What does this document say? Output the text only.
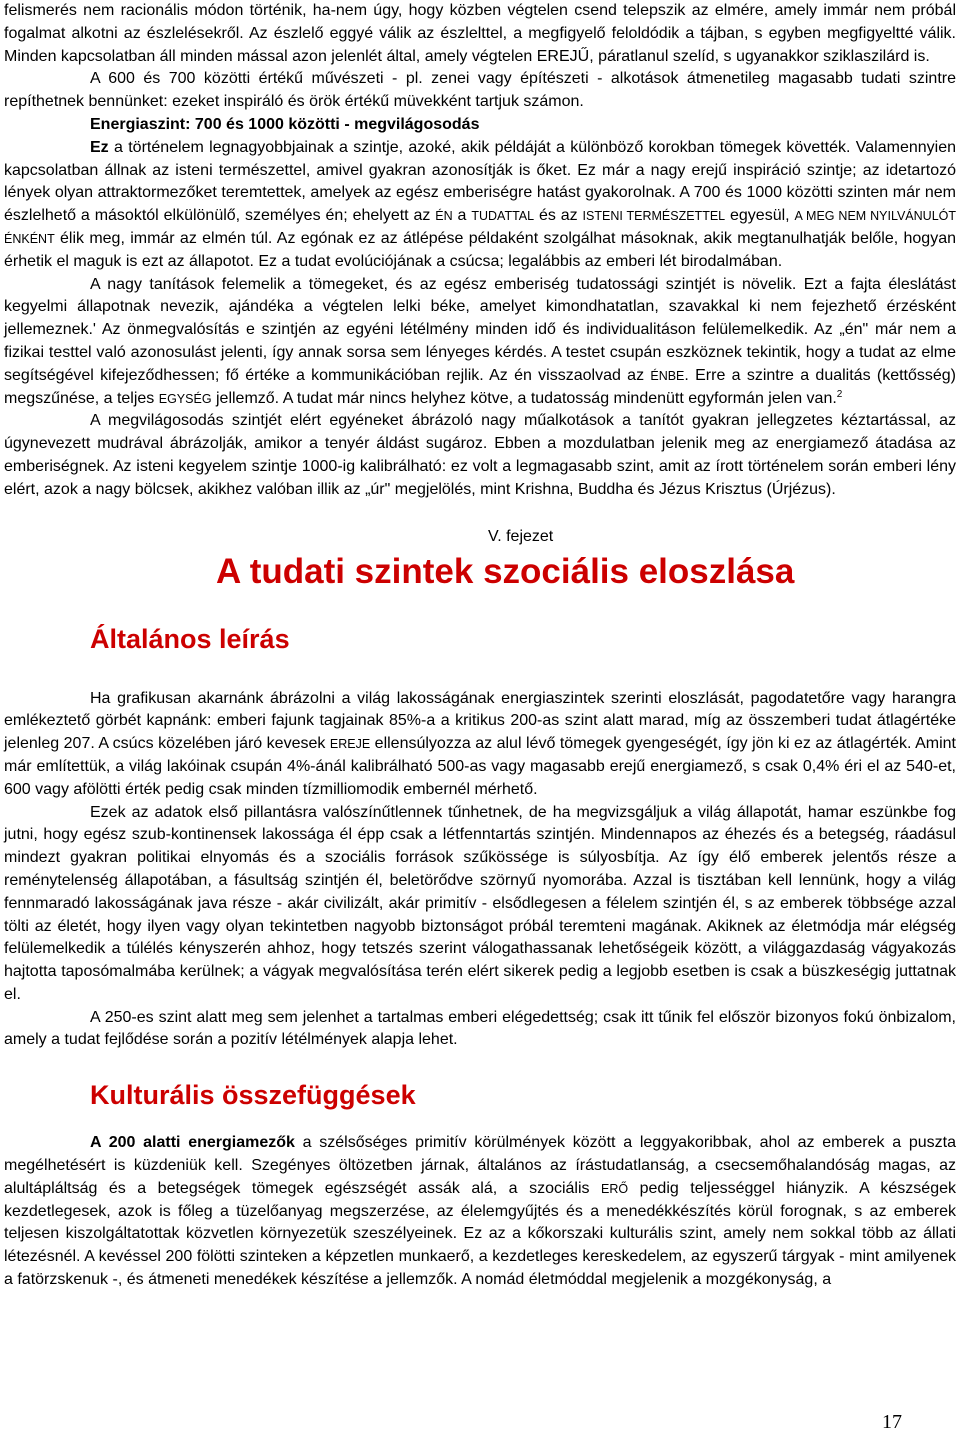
felismerés nem racionális módon történik, ha-nem úgy, hogy közben végtelen csend telepszik az elmére, amely immár nem próbál fogalmat alkotni az észlelésekről. Az észlelő eggyé válik az észlelttel, a megfigyelő feloldódik a tájban, s egyben megfigyeltté válik. Minden kapcsolatban áll minden mással azon jelenlét által, amely végtelen EREJŰ, páratlanul szelíd, s ugyanakkor sziklaszilárd is.

A 600 és 700 közötti értékű művészeti - pl. zenei vagy építészeti - alkotások átmenetileg magasabb tudati szintre repíthetnek bennünket: ezeket inspiráló és örök értékű müvekként tartjuk számon.

Energiaszint: 700 és 1000 közötti - megvilágosodás

Ez a történelem legnagyobbjainak a szintje, azoké, akik példáját a különböző korokban tömegek követték. Valamennyien kapcsolatban állnak az isteni természettel, amivel gyakran azonosítják is őket. Ez már a nagy erejű inspiráció szintje; az idetartozó lények olyan attraktormezőket teremtettek, amelyek az egész emberiségre hatást gyakorolnak. A 700 és 1000 közötti szinten már nem észlelhető a másoktól elkülönülő, személyes én; ehelyett az ÉN a TUDATTAL és az ISTENI TERMÉSZETTEL egyesül, A MEG NEM NYILVÁNULÓT ÉNKÉNT élik meg, immár az elmén túl. Az egónak ez az átlépése példaként szolgálhat másoknak, akik megtanulhatják belőle, hogyan érhetik el maguk is ezt az állapotot. Ez a tudat evolúciójának a csúcsa; legalábbis az emberi lét birodalmában.

A nagy tanítások felemelik a tömegeket, és az egész emberiség tudatossági szintjét is növelik. Ezt a fajta éleslátást kegyelmi állapotnak nevezik, ajándéka a végtelen lelki béke, amelyet kimondhatatlan, szavakkal ki nem fejezhető érzésként jellemeznek.' Az önmegvalósítás e szintjén az egyéni létélmény minden idő és individualitáson felülemelkedik. Az „én" már nem a fizikai testtel való azonosulást jelenti, így annak sorsa sem lényeges kérdés. A testet csupán eszköznek tekintik, hogy a tudat az elme segítségével kifejeződhessen; fő értéke a kommunikációban rejlik. Az én visszaolvad az ÉNBE. Erre a szintre a dualitás (kettősség) megszűnése, a teljes EGYSÉG jellemző. A tudat már nincs helyhez kötve, a tudatosság mindenütt egyformán jelen van.$^2$

A megvilágosodás szintjét elért egyéneket ábrázoló nagy műalkotások a tanítót gyakran jellegzetes kéztartással, az úgynevezett mudrával ábrázolják, amikor a tenyér áldást sugároz. Ebben a mozdulatban jelenik meg az energiamező átadása az emberiségnek. Az isteni kegyelem szintje 1000-ig kalibrálható: ez volt a legmagasabb szint, amit az írott történelem során emberi lény elért, azok a nagy bölcsek, akikhez valóban illik az „úr" megjelölés, mint Krishna, Buddha és Jézus Krisztus (Úrjézus).

V. fejezet

A tudati szintek szociális eloszlása
Általános leírás

Ha grafikusan akarnánk ábrázolni a világ lakosságának energiaszintek szerinti eloszlását, pagodatetőre vagy harangra emlékeztető görbét kapnánk: emberi fajunk tagjainak 85%-a a kritikus 200-as szint alatt marad, míg az összemberi tudat átlagértéke jelenleg 207. A csúcs közelében járó kevesek EREJE ellensúlyozza az alul lévő tömegek gyengeségét, így jön ki ez az átlagérték. Amint már említettük, a világ lakóinak csupán 4%-ánál kalibrálható 500-as vagy magasabb erejű energiamező, s csak 0,4% éri el az 540-et, 600 vagy afölötti érték pedig csak minden tízmilliomodik embernél mérhető.

Ezek az adatok első pillantásra valószínűtlennek tűnhetnek, de ha megvizsgáljuk a világ állapotát, hamar eszünkbe fog jutni, hogy egész szub-kontinensek lakossága él épp csak a létfenntartás szintjén. Mindennapos az éhezés és a betegség, ráadásul mindezt gyakran politikai elnyomás és a szociális források szűkössége is súlyosbítja. Az így élő emberek jelentős része a reménytelenség állapotában, a fásultság szintjén él, beletörődve szörnyű nyomorába. Azzal is tisztában kell lennünk, hogy a világ fennmaradó lakosságának java része - akár civilizált, akár primitív - elsődlegesen a félelem szintjén él, s az emberek többsége azzal tölti az életét, hogy ilyen vagy olyan tekintetben nagyobb biztonságot próbál teremteni magának. Akiknek az életmódja már elégség felülemelkedik a túlélés kényszerén ahhoz, hogy tetszés szerint válogathassanak lehetőségeik között, a világgazdaság vágyakozás hajtotta taposómalmába kerülnek; a vágyak megvalósítása terén elért sikerek pedig a legjobb esetben is csak a büszkeségig juttatnak el.

A 250-es szint alatt meg sem jelenhet a tartalmas emberi elégedettség; csak itt tűnik fel először bizonyos fokú önbizalom, amely a tudat fejlődése során a pozitív létélmények alapja lehet.

Kulturális összefüggések

A 200 alatti energiamezők a szélsőséges primitív körülmények között a leggyakoribbak, ahol az emberek a puszta megélhetésért is küzdeniük kell. Szegényes öltözetben járnak, általános az írástudatlanság, a csecsemőhalandóság magas, az alultápláltság és a betegségek tömegek egészségét assák alá, a szociális ERŐ pedig teljességgel hiányzik. A készségek kezdetlegesek, azok is főleg a tüzelőanyag megszerzése, az élelemgyűjtés és a menedékkészítés körül forognak, s az emberek teljesen kiszolgáltatottak közvetlen környezetük szeszélyeinek. Ez az a kőkorszaki kulturális szint, amely nem sokkal több az állati létezésnél. A kevéssel 200 fölötti szinteken a képzetlen munkaerő, a kezdetleges kereskedelem, az egyszerű tárgyak - mint amilyenek a fatörzskenuk -, és átmeneti menedékek készítése a jellemzők. A nomád életmóddal megjelenik a mozgékonyság, a

17
